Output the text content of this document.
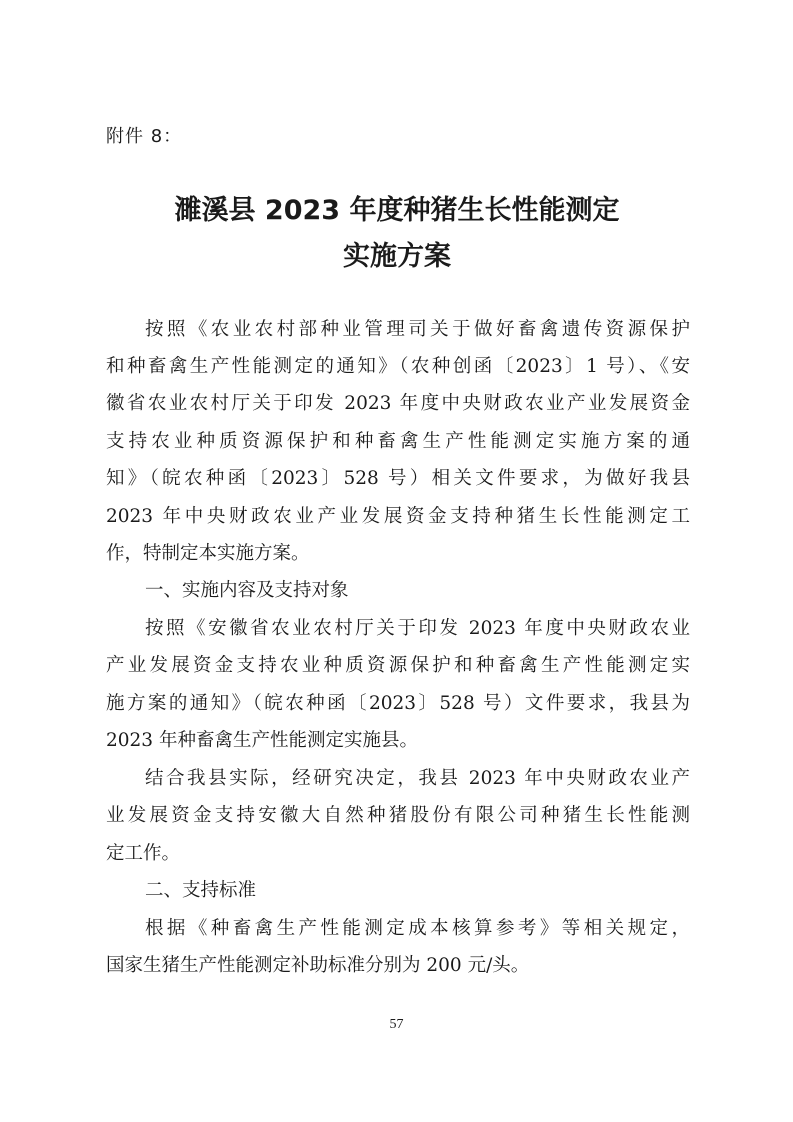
附件 8：
濉溪县 2023 年度种猪生长性能测定
实施方案
按照《农业农村部种业管理司关于做好畜禽遗传资源保护
和种畜禽生产性能测定的通知》（农种创函〔2023〕1 号）、《安
徽省农业农村厅关于印发 2023 年度中央财政农业产业发展资金
支持农业种质资源保护和种畜禽生产性能测定实施方案的通
知》（皖农种函〔2023〕528 号）相关文件要求，为做好我县
2023 年中央财政农业产业发展资金支持种猪生长性能测定工
作，特制定本实施方案。
一、实施内容及支持对象
按照《安徽省农业农村厅关于印发 2023 年度中央财政农业
产业发展资金支持农业种质资源保护和种畜禽生产性能测定实
施方案的通知》（皖农种函〔2023〕528 号）文件要求，我县为
2023 年种畜禽生产性能测定实施县。
结合我县实际，经研究决定，我县 2023 年中央财政农业产
业发展资金支持安徽大自然种猪股份有限公司种猪生长性能测
定工作。
二、支持标准
根据《种畜禽生产性能测定成本核算参考》等相关规定，
国家生猪生产性能测定补助标准分别为 200 元/头。
57
